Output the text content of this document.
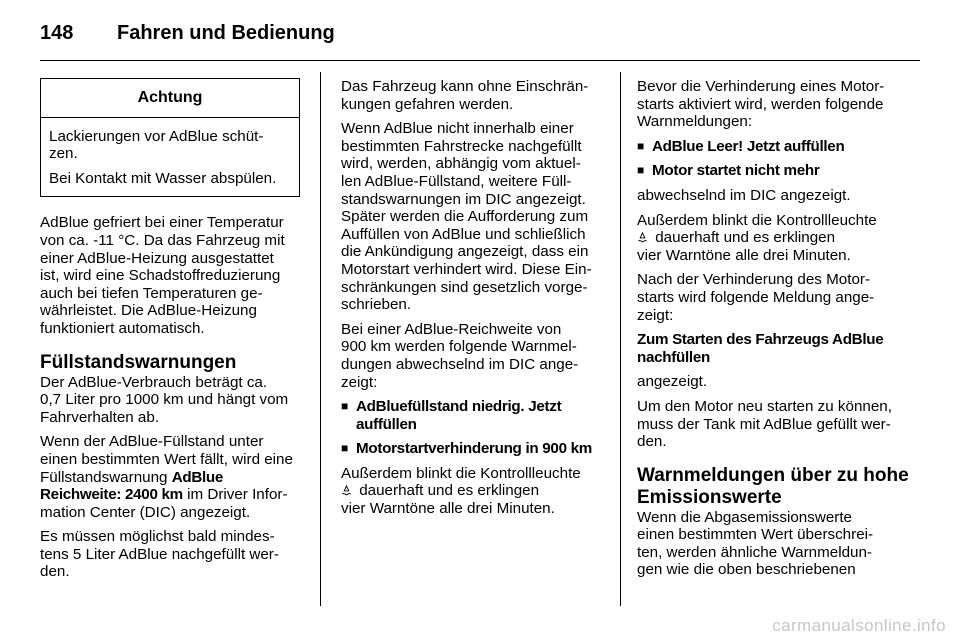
148 Fahren und Bedienung
Achtung

Lackierungen vor AdBlue schüt-
zen.

Bei Kontakt mit Wasser abspülen.

AdBlue gefriert bei einer Temperatur
von ca. -11 °C. Da das Fahrzeug mit
einer AdBlue-Heizung ausgestattet
ist, wird eine Schadstoffreduzierung
auch bei tiefen Temperaturen ge-
währleistet. Die AdBlue-Heizung
funktioniert automatisch.

Füllstandswarnungen

Der AdBlue-Verbrauch beträgt ca.
0,7 Liter pro 1000 km und hängt vom
Fahrverhalten ab.

Wenn der AdBlue-Füllstand unter
einen bestimmten Wert fällt, wird eine
Füllstandswarnung AdBlue
Reichweite: 2400 km im Driver Infor-
mation Center (DIC) angezeigt.

Es müssen möglichst bald mindes-
tens 5 Liter AdBlue nachgefüllt wer-
den.

Das Fahrzeug kann ohne Einschrän-
kungen gefahren werden.

Wenn AdBlue nicht innerhalb einer
bestimmten Fahrstrecke nachgefüllt
wird, werden, abhängig vom aktuel-
len AdBlue-Füllstand, weitere Füll-
standswarnungen im DIC angezeigt.
Später werden die Aufforderung zum
Auffüllen von AdBlue und schließlich
die Ankündigung angezeigt, dass ein
Motorstart verhindert wird. Diese Ein-
schränkungen sind gesetzlich vorge-
schrieben.

Bei einer AdBlue-Reichweite von
900 km werden folgende Warnmel-
dungen abwechselnd im DIC ange-
zeigt:

■ AdBluefüllstand niedrig. Jetzt
auffüllen
■ Motorstartverhinderung in 900 km

Außerdem blinkt die Kontrollleuchte
dauerhaft und es erklingen
vier Warntöne alle drei Minuten.

Bevor die Verhinderung eines Motor-
starts aktiviert wird, werden folgende
Warnmeldungen:

■ AdBlue Leer! Jetzt auffüllen
■ Motor startet nicht mehr

abwechselnd im DIC angezeigt.

Außerdem blinkt die Kontrollleuchte
dauerhaft und es erklingen
vier Warntöne alle drei Minuten.

Nach der Verhinderung des Motor-
starts wird folgende Meldung ange-
zeigt:

Zum Starten des Fahrzeugs AdBlue
nachfüllen

angezeigt.

Um den Motor neu starten zu können,
muss der Tank mit AdBlue gefüllt wer-
den.

Warnmeldungen über zu hohe
Emissionswerte

Wenn die Abgasemissionswerte
einen bestimmten Wert überschrei-
ten, werden ähnliche Warnmeldun-
gen wie die oben beschriebenen

carmanualsonline.info
